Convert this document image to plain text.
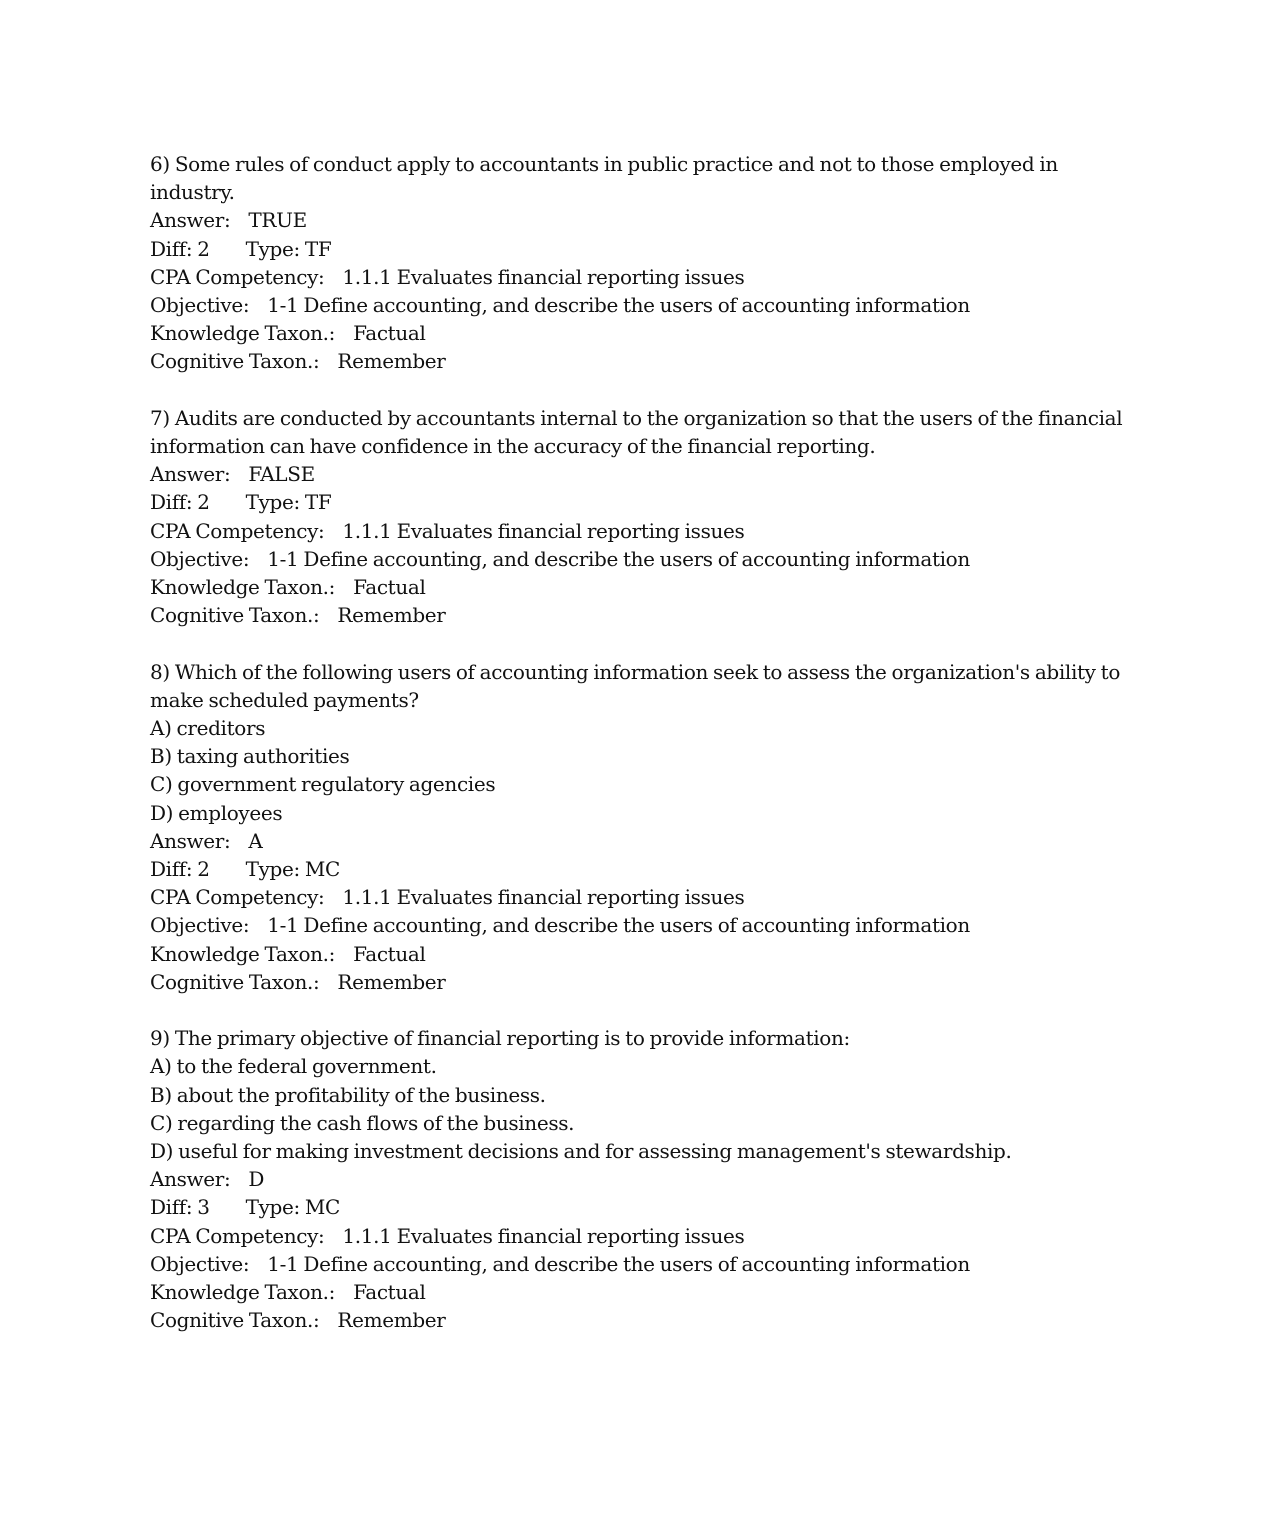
6) Some rules of conduct apply to accountants in public practice and not to those employed in industry.
Answer: TRUE
Diff: 2 Type: TF
CPA Competency: 1.1.1 Evaluates financial reporting issues
Objective: 1-1 Define accounting, and describe the users of accounting information
Knowledge Taxon.: Factual
Cognitive Taxon.: Remember
7) Audits are conducted by accountants internal to the organization so that the users of the financial information can have confidence in the accuracy of the financial reporting.
Answer: FALSE
Diff: 2 Type: TF
CPA Competency: 1.1.1 Evaluates financial reporting issues
Objective: 1-1 Define accounting, and describe the users of accounting information
Knowledge Taxon.: Factual
Cognitive Taxon.: Remember
8) Which of the following users of accounting information seek to assess the organization's ability to make scheduled payments?
A) creditors
B) taxing authorities
C) government regulatory agencies
D) employees
Answer: A
Diff: 2 Type: MC
CPA Competency: 1.1.1 Evaluates financial reporting issues
Objective: 1-1 Define accounting, and describe the users of accounting information
Knowledge Taxon.: Factual
Cognitive Taxon.: Remember
9) The primary objective of financial reporting is to provide information:
A) to the federal government.
B) about the profitability of the business.
C) regarding the cash flows of the business.
D) useful for making investment decisions and for assessing management's stewardship.
Answer: D
Diff: 3 Type: MC
CPA Competency: 1.1.1 Evaluates financial reporting issues
Objective: 1-1 Define accounting, and describe the users of accounting information
Knowledge Taxon.: Factual
Cognitive Taxon.: Remember
